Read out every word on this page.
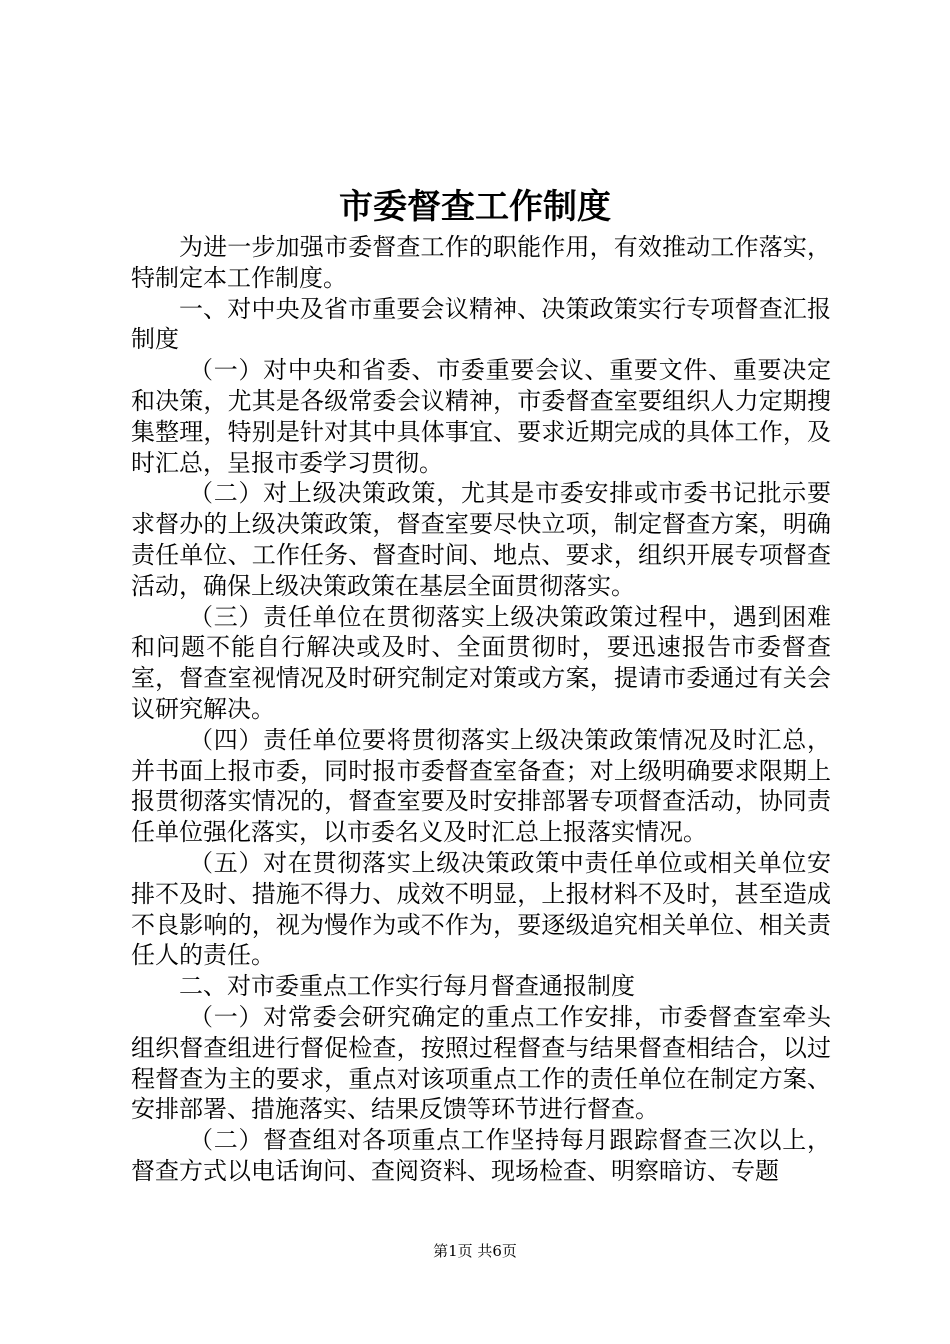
市委督查工作制度

为进一步加强市委督查工作的职能作用，有效推动工作落实，特制定本工作制度。

一、对中央及省市重要会议精神、决策政策实行专项督查汇报制度

（一）对中央和省委、市委重要会议、重要文件、重要决定和决策，尤其是各级常委会议精神，市委督查室要组织人力定期搜集整理，特别是针对其中具体事宜、要求近期完成的具体工作，及时汇总，呈报市委学习贯彻。

（二）对上级决策政策，尤其是市委安排或市委书记批示要求督办的上级决策政策，督查室要尽快立项，制定督查方案，明确责任单位、工作任务、督查时间、地点、要求，组织开展专项督查活动，确保上级决策政策在基层全面贯彻落实。

（三）责任单位在贯彻落实上级决策政策过程中，遇到困难和问题不能自行解决或及时、全面贯彻时，要迅速报告市委督查室，督查室视情况及时研究制定对策或方案，提请市委通过有关会议研究解决。

（四）责任单位要将贯彻落实上级决策政策情况及时汇总，并书面上报市委，同时报市委督查室备查；对上级明确要求限期上报贯彻落实情况的，督查室要及时安排部署专项督查活动，协同责任单位强化落实，以市委名义及时汇总上报落实情况。

（五）对在贯彻落实上级决策政策中责任单位或相关单位安排不及时、措施不得力、成效不明显，上报材料不及时，甚至造成不良影响的，视为慢作为或不作为，要逐级追究相关单位、相关责任人的责任。

二、对市委重点工作实行每月督查通报制度

（一）对常委会研究确定的重点工作安排，市委督查室牵头组织督查组进行督促检查，按照过程督查与结果督查相结合，以过程督查为主的要求，重点对该项重点工作的责任单位在制定方案、安排部署、措施落实、结果反馈等环节进行督查。

（二）督查组对各项重点工作坚持每月跟踪督查三次以上，督查方式以电话询问、查阅资料、现场检查、明察暗访、专题

第1页 共6页
